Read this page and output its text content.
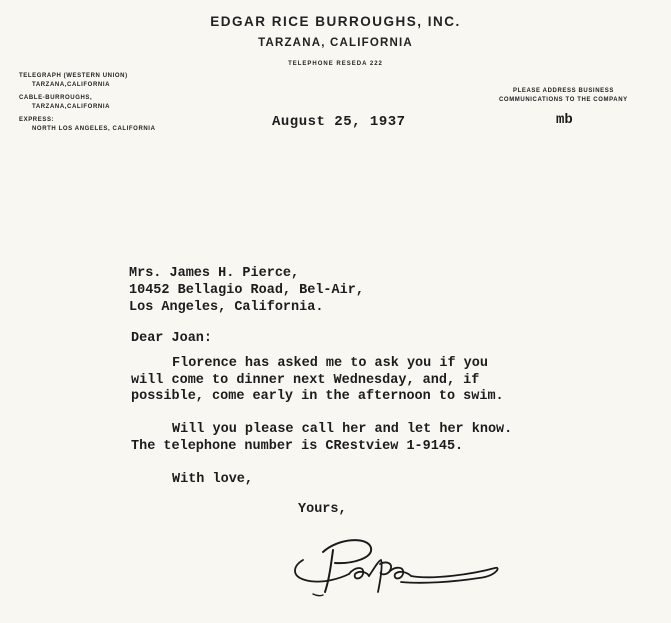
EDGAR RICE BURROUGHS, INC.
TARZANA, CALIFORNIA
TELEPHONE RESEDA 222
TELEGRAPH (WESTERN UNION)
TARZANA,CALIFORNIA
CABLE-BURROUGHS,
TARZANA,CALIFORNIA
EXPRESS:
NORTH LOS ANGELES, CALIFORNIA
PLEASE ADDRESS BUSINESS
COMMUNICATIONS TO THE COMPANY
August 25, 1937	mb
Mrs. James H. Pierce,
10452 Bellagio Road, Bel-Air,
Los Angeles, California.
Dear Joan:
Florence has asked me to ask you if you
will come to dinner next Wednesday, and, if
possible, come early in the afternoon to swim.
Will you please call her and let her know.
The telephone number is CRestview 1-9145.
With love,
Yours,
